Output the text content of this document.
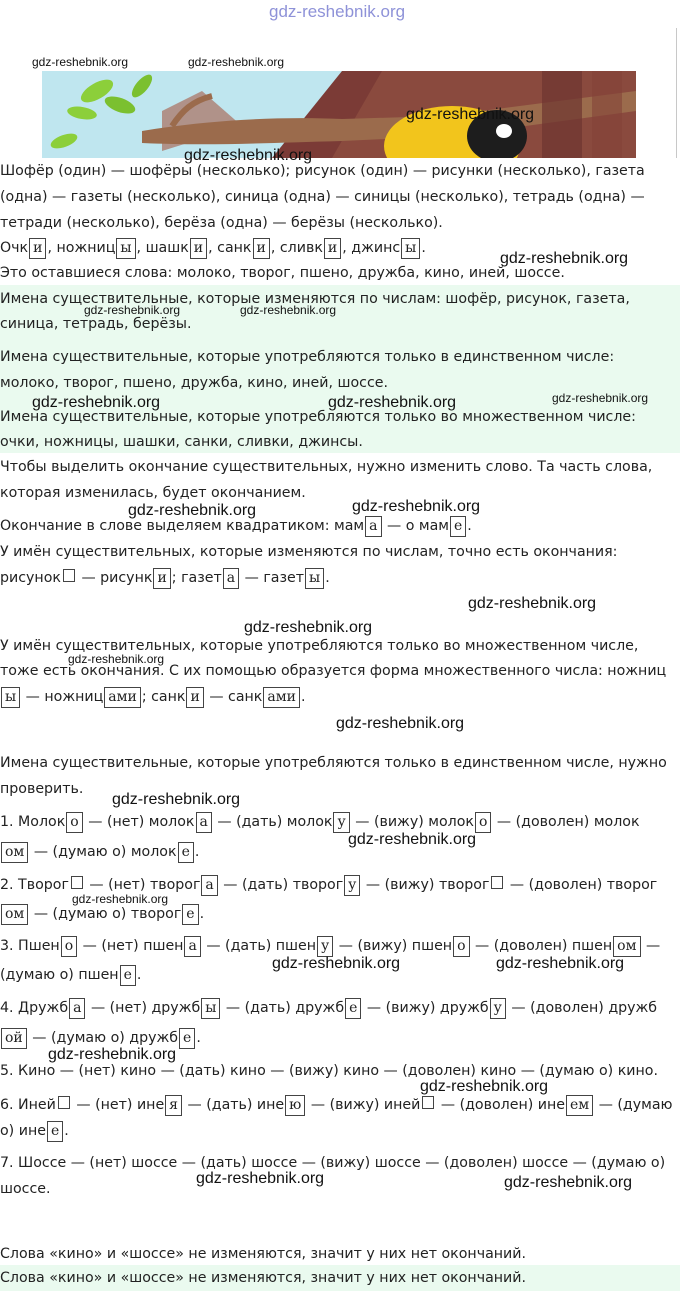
gdz-reshebnik.org
gdz-reshebnik.org	gdz-reshebnik.org
gdz-reshebnik.org
gdz-reshebnik.org

Шофёр (один) — шофёры (несколько); рисунок (один) — рисунки (несколько), газета

(одна) — газеты (несколько), синица (одна) — синицы (несколько), тетрадь (одна) —

тетради (несколько), берёза (одна) — берёзы (несколько).

Очк и , ножниц ы , шашк и , санк и , сливк и , джинс ы .

gdz-reshebnik.org

Это оставшиеся слова: молоко, творог, пшено, дружба, кино, иней, шоссе.

Имена существительные, которые изменяются по числам: шофёр, рисунок, газета,

gdz-reshebnik.org	gdz-reshebnik.org

синица, тетрадь, берёзы.

Имена существительные, которые употребляются только в единственном числе:

молоко, творог, пшено, дружба, кино, иней, шоссе.

gdz-reshebnik.org
gdz-reshebnik.org	gdz-reshebnik.org

Имена существительные, которые употребляются только во множественном числе:

очки, ножницы, шашки, санки, сливки, джинсы.

Чтобы выделить окончание существительных, нужно изменить слово. Та часть слова,

которая изменилась, будет окончанием.

gdz-reshebnik.org
gdz-reshebnik.org

Окончание в слове выделяем квадратиком: мам а — о мам е .

У имён существительных, которые изменяются по числам, точно есть окончания:

рисунок — рисунк и ; газет а — газет ы .

gdz-reshebnik.org
gdz-reshebnik.org

У имён существительных, которые употребляются только во множественном числе,

gdz-reshebnik.org

тоже есть окончания. С их помощью образуется форма множественного числа: ножниц

ы — ножниц ами ; санк и — санк ами .

gdz-reshebnik.org

Имена существительные, которые употребляются только в единственном числе, нужно

проверить.

gdz-reshebnik.org

1. Молок о — (нет) молок а — (дать) молок у — (вижу) молок о — (доволен) молок

gdz-reshebnik.org

ом — (думаю о) молок е .

2. Творог — (нет) творог а — (дать) творог у — (вижу) творог — (доволен) творог

gdz-reshebnik.org

ом — (думаю о) творог е .

3. Пшен о — (нет) пшен а — (дать) пшен у — (вижу) пшен о — (доволен) пшен ом —

gdz-reshebnik.org	gdz-reshebnik.org

(думаю о) пшен е .

4. Дружб а — (нет) дружб ы — (дать) дружб е — (вижу) дружб у — (доволен) дружб

ой — (думаю о) дружб е .

gdz-reshebnik.org

5. Кино — (нет) кино — (дать) кино — (вижу) кино — (доволен) кино — (думаю о) кино.

gdz-reshebnik.org

6. Иней — (нет) ине я — (дать) ине ю — (вижу) иней — (доволен) ине ем — (думаю

о) ине е .

7. Шоссе — (нет) шоссе — (дать) шоссе — (вижу) шоссе — (доволен) шоссе — (думаю о)

gdz-reshebnik.org	gdz-reshebnik.org

шоссе.

Слова «кино» и «шоссе» не изменяются, значит у них нет окончаний.

Слова «кино» и «шоссе» не изменяются, значит у них нет окончаний.
